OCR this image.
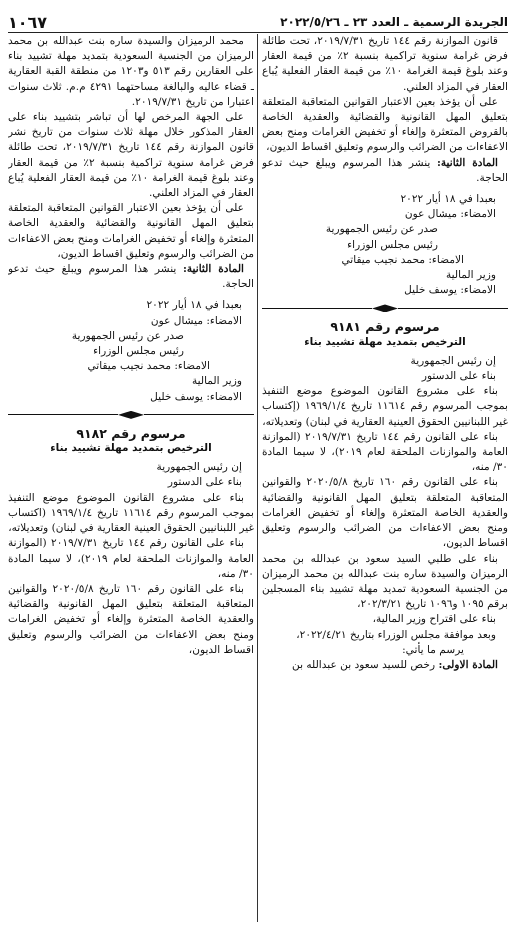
الجريدة الرسمية ـ العدد ٢٣ ـ ٢٠٢٢/٥/٢٦
١٠٦٧

قانون الموازنة رقم ١٤٤ تاريخ ٢٠١٩/٧/٣١، تحت طائلة فرض غرامة سنوية تراكمية بنسبة ٢٪ من قيمة العقار وعند بلوغ قيمة الغرامة ١٠٪ من قيمة العقار الفعلية يُباع العقار في المزاد العلني.

على أن يؤخذ بعين الاعتبار القوانين المتعاقبة المتعلقة بتعليق المهل القانونية والقضائية والعقدية الخاصة بالقروض المتعثرة وإلغاء أو تخفيض الغرامات ومنح بعض الاعفاءات من الضرائب والرسوم وتعليق اقساط الديون،

المادة الثانية: ينشر هذا المرسوم ويبلغ حيث تدعو الحاجة.

بعبدا في ١٨ أيار ٢٠٢٢

الامضاء: ميشال عون

صدر عن رئيس الجمهورية

رئيس مجلس الوزراء

الامضاء: محمد نجيب ميقاتي

وزير المالية

الامضاء: يوسف خليل

مرسوم رقم ٩١٨١
الترخيص بتمديد مهلة تشييد بناء

إن رئيس الجمهورية

بناء على الدستور

بناء على مشروع القانون الموضوع موضع التنفيذ بموجب المرسوم رقم ١١٦١٤ تاريخ ١٩٦٩/١/٤ (إكتساب غير اللبنانيين الحقوق العينية العقارية في لبنان) وتعديلاته،

بناء على القانون رقم ١٤٤ تاريخ ٢٠١٩/٧/٣١ (الموازنة العامة والموازنات الملحقة لعام ٢٠١٩)، لا سيما المادة ٣٠/ منه،

بناء على القانون رقم ١٦٠ تاريخ ٢٠٢٠/٥/٨ والقوانين المتعاقبة المتعلقة بتعليق المهل القانونية والقضائية والعقدية الخاصة المتعثرة وإلغاء أو تخفيض الغرامات ومنح بعض الاعفاءات من الضرائب والرسوم وتعليق اقساط الديون،

بناء على طلبي السيد سعود بن عبدالله بن محمد الرميزان والسيدة ساره بنت عبدالله بن محمد الرميزان من الجنسية السعودية تمديد مهلة تشييد بناء المسجلين برقم ١٠٩٥ و١٠٩٦ تاريخ ٢٠٢/٣/٢١،

بناء على اقتراح وزير المالية،

وبعد موافقة مجلس الوزراء بتاريخ ٢٠٢٢/٤/٢١،

يرسم ما يأتي:

المادة الاولى: رخص للسيد سعود بن عبدالله بن

محمد الرميزان والسيدة ساره بنت عبدالله بن محمد الرميزان من الجنسية السعودية بتمديد مهلة تشييد بناء على العقارين رقم ٥١٣ و١٢٠٣ من منطقة القبة العقارية ـ قضاء عاليه والبالغة مساحتهما ٤٢٩١ م.م. ثلاث سنوات اعتبارا من تاريخ ٢٠١٩/٧/٣١.

على الجهة المرخص لها أن تباشر بتشييد بناء على العقار المذكور خلال مهلة ثلاث سنوات من تاريخ نشر قانون الموازنة رقم ١٤٤ تاريخ ٢٠١٩/٧/٣١، تحت طائلة فرض غرامة سنوية تراكمية بنسبة ٢٪ من قيمة العقار وعند بلوغ قيمة الغرامة ١٠٪ من قيمة العقار الفعلية يُباع العقار في المزاد العلني.

على أن يؤخذ بعين الاعتبار القوانين المتعاقبة المتعلقة بتعليق المهل القانونية والقضائية والعقدية الخاصة المتعثرة وإلغاء أو تخفيض الغرامات ومنح بعض الاعفاءات من الضرائب والرسوم وتعليق اقساط الديون،

المادة الثانية: ينشر هذا المرسوم ويبلغ حيث تدعو الحاجة.

بعبدا في ١٨ أيار ٢٠٢٢

الامضاء: ميشال عون

صدر عن رئيس الجمهورية

رئيس مجلس الوزراء

الامضاء: محمد نجيب ميقاتي

وزير المالية

الامضاء: يوسف خليل

مرسوم رقم ٩١٨٢
الترخيص بتمديد مهلة تشييد بناء

إن رئيس الجمهورية

بناء على الدستور

بناء على مشروع القانون الموضوع موضع التنفيذ بموجب المرسوم رقم ١١٦١٤ تاريخ ١٩٦٩/١/٤ (اكتساب غير اللبنانيين الحقوق العينية العقارية في لبنان) وتعديلاته،

بناء على القانون رقم ١٤٤ تاريخ ٢٠١٩/٧/٣١ (الموازنة العامة والموازنات الملحقة لعام ٢٠١٩)، لا سيما المادة ٣٠/ منه،

بناء على القانون رقم ١٦٠ تاريخ ٢٠٢٠/٥/٨ والقوانين المتعاقبة المتعلقة بتعليق المهل القانونية والقضائية والعقدية الخاصة المتعثرة وإلغاء أو تخفيض الغرامات ومنح بعض الاعفاءات من الضرائب والرسوم وتعليق اقساط الديون،
